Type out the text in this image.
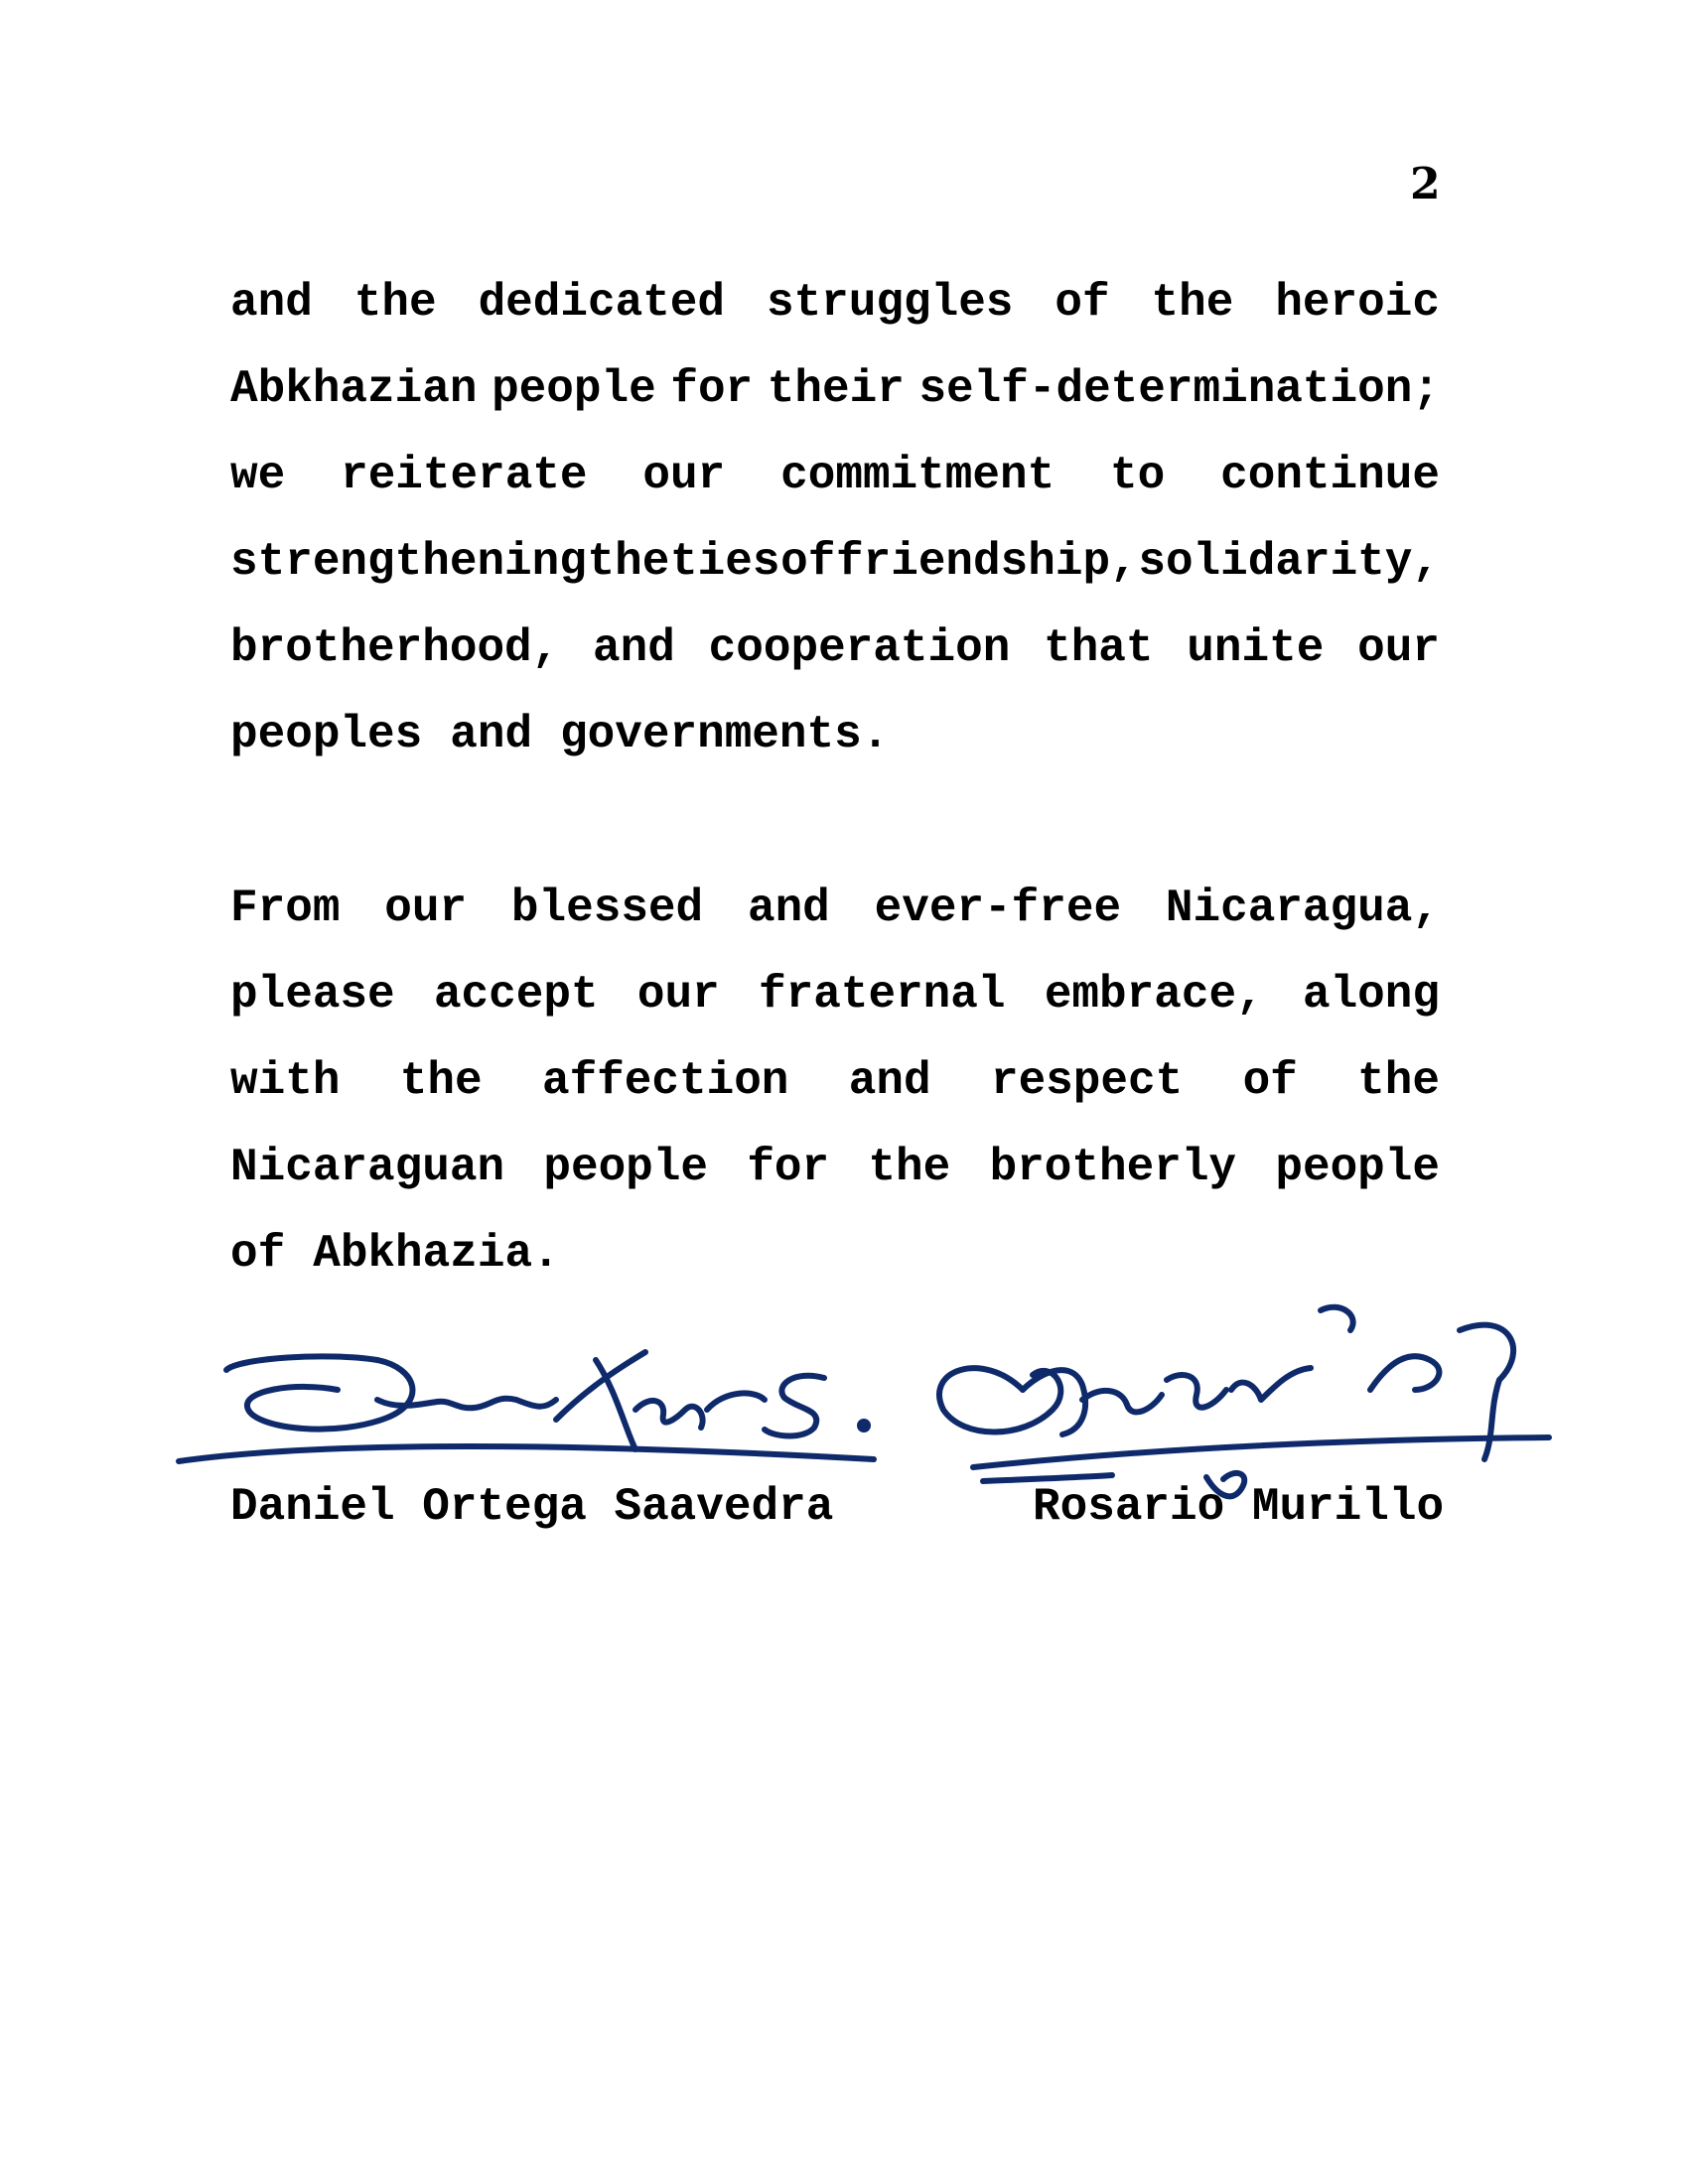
2
and the dedicated struggles of the heroic
Abkhazian people for their self-determination;
we reiterate our commitment to continue
strengthening the ties of friendship, solidarity,
brotherhood, and cooperation that unite our
peoples and governments.
From our blessed and ever-free Nicaragua,
please accept our fraternal embrace, along
with the affection and respect of the
Nicaraguan people for the brotherly people
of Abkhazia.
Daniel Ortega Saavedra	Rosario Murillo
